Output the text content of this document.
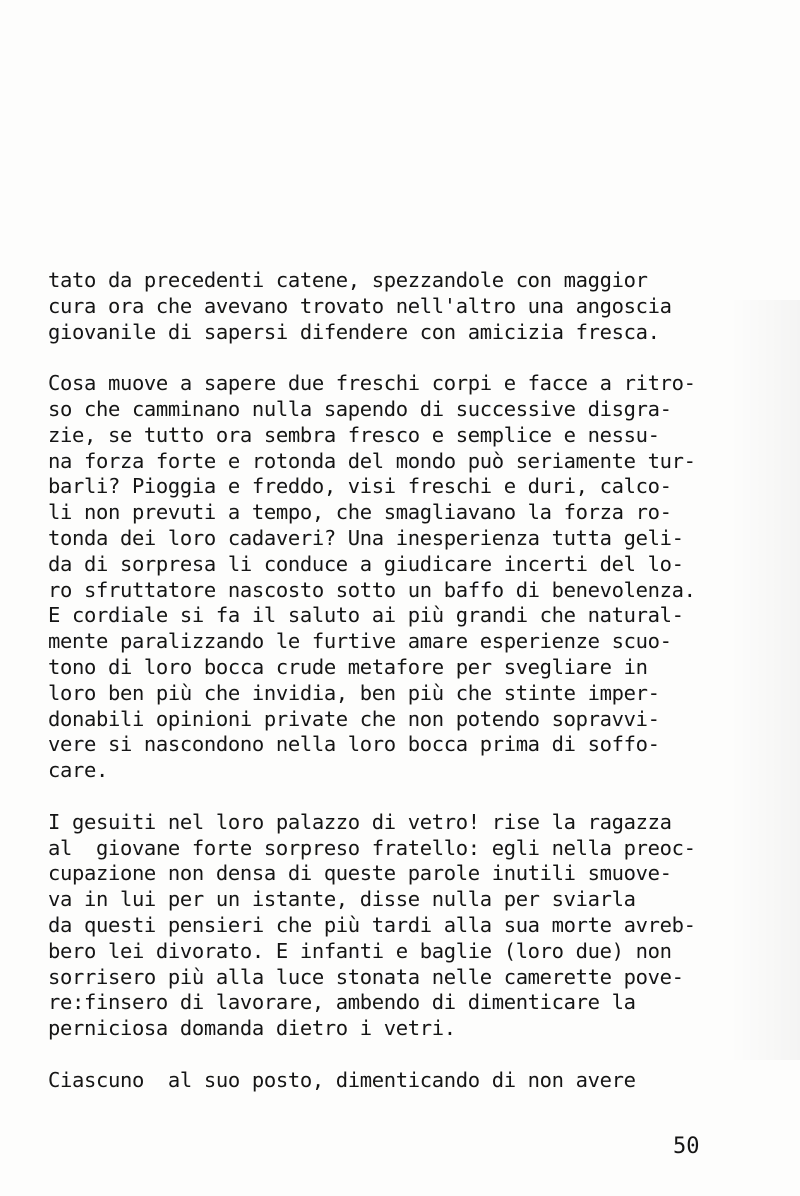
tato da precedenti catene, spezzandole con maggior
cura ora che avevano trovato nell'altro una angoscia
giovanile di sapersi difendere con amicizia fresca.
Cosa muove a sapere due freschi corpi e facce a ritro-
so che camminano nulla sapendo di successive disgra-
zie, se tutto ora sembra fresco e semplice e nessu-
na forza forte e rotonda del mondo può seriamente tur-
barli? Pioggia e freddo, visi freschi e duri, calco-
li non prevuti a tempo, che smagliavano la forza ro-
tonda dei loro cadaveri? Una inesperienza tutta geli-
da di sorpresa li conduce a giudicare incerti del lo-
ro sfruttatore nascosto sotto un baffo di benevolenza.
E cordiale si fa il saluto ai più grandi che natural-
mente paralizzando le furtive amare esperienze scuo-
tono di loro bocca crude metafore per svegliare in
loro ben più che invidia, ben più che stinte imper-
donabili opinioni private che non potendo sopravvi-
vere si nascondono nella loro bocca prima di soffo-
care.
I gesuiti nel loro palazzo di vetro! rise la ragazza
al  giovane forte sorpreso fratello: egli nella preoc-
cupazione non densa di queste parole inutili smuove-
va in lui per un istante, disse nulla per sviarla
da questi pensieri che più tardi alla sua morte avreb-
bero lei divorato. E infanti e baglie (loro due) non
sorrisero più alla luce stonata nelle camerette pove-
re:finsero di lavorare, ambendo di dimenticare la
perniciosa domanda dietro i vetri.
Ciascuno  al suo posto, dimenticando di non avere
50
